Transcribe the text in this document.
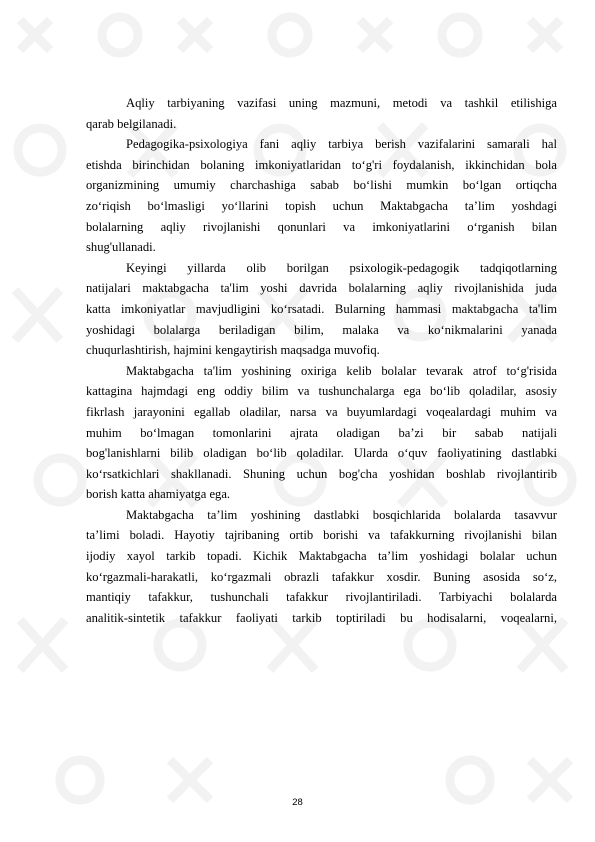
Aqliy tarbiyaning vazifasi uning mazmuni, metodi va tashkil etilishiga
qarab belgilanadi.

Pedagogika-psixologiya fani aqliy tarbiya berish vazifalarini samarali hal
etishda birinchidan bolaning imkoniyatlaridan to‘g'ri foydalanish, ikkinchidan bola
organizmining umumiy charchashiga sabab bo‘lishi mumkin bo‘lgan ortiqcha
zo‘riqish bo‘lmasligi yo‘llarini topish uchun Maktabgacha ta’lim yoshdagi
bolalarning aqliy rivojlanishi qonunlari va imkoniyatlarini o‘rganish bilan
shug'ullanadi.

Keyingi yillarda olib borilgan psixologik-pedagogik tadqiqotlarning
natijalari maktabgacha ta'lim yoshi davrida bolalarning aqliy rivojlanishida juda
katta imkoniyatlar mavjudligini ko‘rsatadi. Bularning hammasi maktabgacha ta'lim
yoshidagi bolalarga beriladigan bilim, malaka va ko‘nikmalarini yanada
chuqurlashtirish, hajmini kengaytirish maqsadga muvofiq.

Maktabgacha ta'lim yoshining oxiriga kelib bolalar tevarak atrof to‘g'risida
kattagina hajmdagi eng oddiy bilim va tushunchalarga ega bo‘lib qoladilar, asosiy
fikrlash jarayonini egallab oladilar, narsa va buyumlardagi voqealardagi muhim va
muhim bo‘lmagan tomonlarini ajrata oladigan ba’zi bir sabab natijali
bog'lanishlarni bilib oladigan bo‘lib qoladilar. Ularda o‘quv faoliyatining dastlabki
ko‘rsatkichlari shakllanadi. Shuning uchun bog'cha yoshidan boshlab rivojlantirib
borish katta ahamiyatga ega.

Maktabgacha ta’lim yoshining dastlabki bosqichlarida bolalarda tasavvur
ta’limi boladi. Hayotiy tajribaning ortib borishi va tafakkurning rivojlanishi bilan
ijodiy xayol tarkib topadi. Kichik Maktabgacha ta’lim yoshidagi bolalar uchun
ko‘rgazmali-harakatli, ko‘rgazmali obrazli tafakkur xosdir. Buning asosida so‘z,
mantiqiy tafakkur, tushunchali tafakkur rivojlantiriladi. Tarbiyachi bolalarda
analitik-sintetik tafakkur faoliyati tarkib toptiriladi bu hodisalarni, voqealarni,

28
